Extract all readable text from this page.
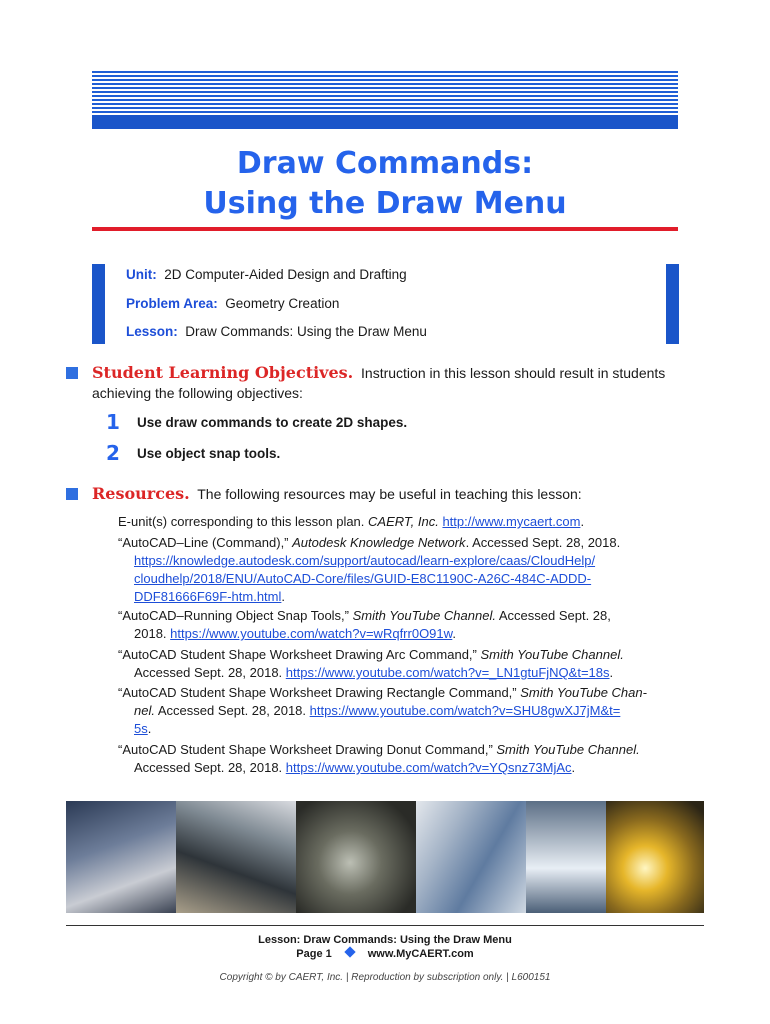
Draw Commands:
Using the Draw Menu
Unit: 2D Computer-Aided Design and Drafting
Problem Area: Geometry Creation
Lesson: Draw Commands: Using the Draw Menu
Student Learning Objectives. Instruction in this lesson should result in students
achieving the following objectives:
1 Use draw commands to create 2D shapes.
2 Use object snap tools.
Resources. The following resources may be useful in teaching this lesson:
E-unit(s) corresponding to this lesson plan. CAERT, Inc. http://www.mycaert.com.
“AutoCAD–Line (Command),” Autodesk Knowledge Network. Accessed Sept. 28, 2018.
https://knowledge.autodesk.com/support/autocad/learn-explore/caas/CloudHelp/
cloudhelp/2018/ENU/AutoCAD-Core/files/GUID-E8C1190C-A26C-484C-ADDD-
DDF81666F69F-htm.html.
“AutoCAD–Running Object Snap Tools,” Smith YouTube Channel. Accessed Sept. 28,
2018. https://www.youtube.com/watch?v=wRqfrr0O91w.
“AutoCAD Student Shape Worksheet Drawing Arc Command,” Smith YouTube Channel.
Accessed Sept. 28, 2018. https://www.youtube.com/watch?v=_LN1gtuFjNQ&t=18s.
“AutoCAD Student Shape Worksheet Drawing Rectangle Command,” Smith YouTube Chan-
nel. Accessed Sept. 28, 2018. https://www.youtube.com/watch?v=SHU8gwXJ7jM&t=
5s.
“AutoCAD Student Shape Worksheet Drawing Donut Command,” Smith YouTube Channel.
Accessed Sept. 28, 2018. https://www.youtube.com/watch?v=YQsnz73MjAc.
Lesson: Draw Commands: Using the Draw Menu
Page 1	www.MyCAERT.com
Copyright © by CAERT, Inc. | Reproduction by subscription only. | L600151
